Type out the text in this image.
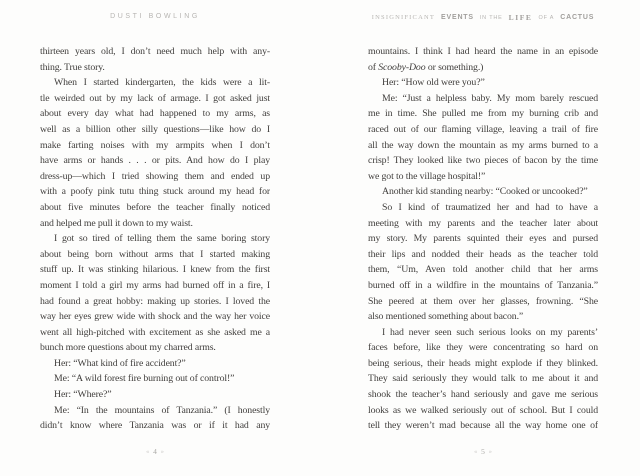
DUSTI BOWLING
thirteen years old, I don’t need much help with any-
thing. True story.
When I started kindergarten, the kids were a lit-
tle weirded out by my lack of armage. I got asked just
about every day what had happened to my arms, as
well as a billion other silly questions—like how do I
make farting noises with my armpits when I don’t
have arms or hands . . . or pits. And how do I play
dress-up—which I tried showing them and ended up
with a poofy pink tutu thing stuck around my head for
about five minutes before the teacher finally noticed
and helped me pull it down to my waist.
I got so tired of telling them the same boring story
about being born without arms that I started making
stuff up. It was stinking hilarious. I knew from the first
moment I told a girl my arms had burned off in a fire, I
had found a great hobby: making up stories. I loved the
way her eyes grew wide with shock and the way her voice
went all high-pitched with excitement as she asked me a
bunch more questions about my charred arms.
Her: “What kind of fire accident?”
Me: “A wild forest fire burning out of control!”
Her: “Where?”
Me: “In the mountains of Tanzania.” (I honestly
didn’t know where Tanzania was or if it had any
« 4 »
INSIGNIFICANT EVENTS IN THE LIFE OF A CACTUS
mountains. I think I had heard the name in an episode
of Scooby-Doo or something.)
Her: “How old were you?”
Me: “Just a helpless baby. My mom barely rescued
me in time. She pulled me from my burning crib and
raced out of our flaming village, leaving a trail of fire
all the way down the mountain as my arms burned to a
crisp! They looked like two pieces of bacon by the time
we got to the village hospital!”
Another kid standing nearby: “Cooked or uncooked?”
So I kind of traumatized her and had to have a
meeting with my parents and the teacher later about
my story. My parents squinted their eyes and pursed
their lips and nodded their heads as the teacher told
them, “Um, Aven told another child that her arms
burned off in a wildfire in the mountains of Tanzania.”
She peered at them over her glasses, frowning. “She
also mentioned something about bacon.”
I had never seen such serious looks on my parents’
faces before, like they were concentrating so hard on
being serious, their heads might explode if they blinked.
They said seriously they would talk to me about it and
shook the teacher’s hand seriously and gave me serious
looks as we walked seriously out of school. But I could
tell they weren’t mad because all the way home one of
« 5 »
